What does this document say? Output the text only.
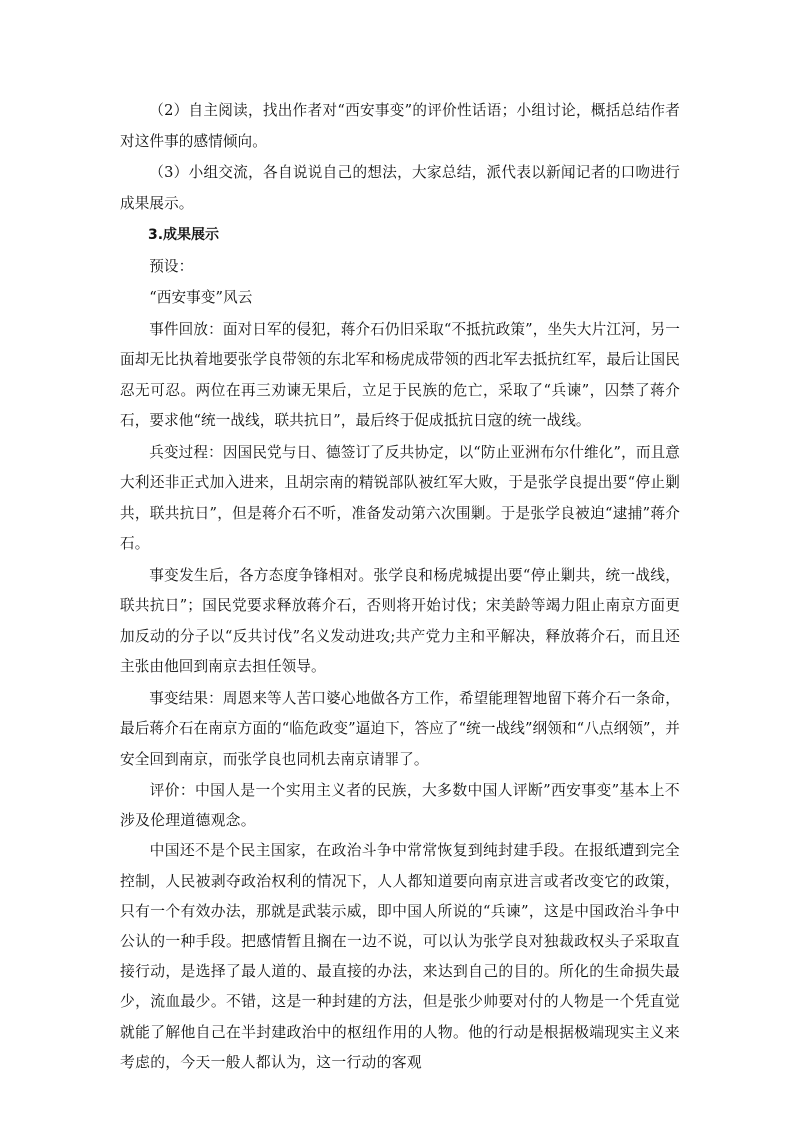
（2）自主阅读，找出作者对“西安事变”的评价性话语；小组讨论，概括总结作者对这件事的感情倾向。

（3）小组交流，各自说说自己的想法，大家总结，派代表以新闻记者的口吻进行成果展示。

3.成果展示

预设：

“西安事变”风云

事件回放：面对日军的侵犯，蒋介石仍旧采取“不抵抗政策”，坐失大片江河，另一面却无比执着地要张学良带领的东北军和杨虎成带领的西北军去抵抗红军，最后让国民忍无可忍。两位在再三劝谏无果后，立足于民族的危亡，采取了“兵谏”，囚禁了蒋介石，要求他“统一战线，联共抗日”，最后终于促成抵抗日寇的统一战线。

兵变过程：因国民党与日、德签订了反共协定，以“防止亚洲布尔什维化”，而且意大利还非正式加入进来，且胡宗南的精锐部队被红军大败，于是张学良提出要“停止剿共，联共抗日”，但是蒋介石不听，准备发动第六次围剿。于是张学良被迫“逮捕”蒋介石。

事变发生后，各方态度争锋相对。张学良和杨虎城提出要“停止剿共，统一战线，联共抗日”；国民党要求释放蒋介石，否则将开始讨伐；宋美龄等竭力阻止南京方面更加反动的分子以“反共讨伐”名义发动进攻;共产党力主和平解决，释放蒋介石，而且还主张由他回到南京去担任领导。

事变结果：周恩来等人苦口婆心地做各方工作，希望能理智地留下蒋介石一条命，最后蒋介石在南京方面的“临危政变”逼迫下，答应了“统一战线”纲领和“八点纲领”，并安全回到南京，而张学良也同机去南京请罪了。

评价：中国人是一个实用主义者的民族，大多数中国人评断”西安事变”基本上不涉及伦理道德观念。

中国还不是个民主国家，在政治斗争中常常恢复到纯封建手段。在报纸遭到完全控制，人民被剥夺政治权利的情况下，人人都知道要向南京进言或者改变它的政策，只有一个有效办法，那就是武装示威，即中国人所说的“兵谏”，这是中国政治斗争中公认的一种手段。把感情暂且搁在一边不说，可以认为张学良对独裁政权头子采取直接行动，是选择了最人道的、最直接的办法，来达到自己的目的。所化的生命损失最少，流血最少。不错，这是一种封建的方法，但是张少帅要对付的人物是一个凭直觉就能了解他自己在半封建政治中的枢纽作用的人物。他的行动是根据极端现实主义来考虑的，今天一般人都认为，这一行动的客观
